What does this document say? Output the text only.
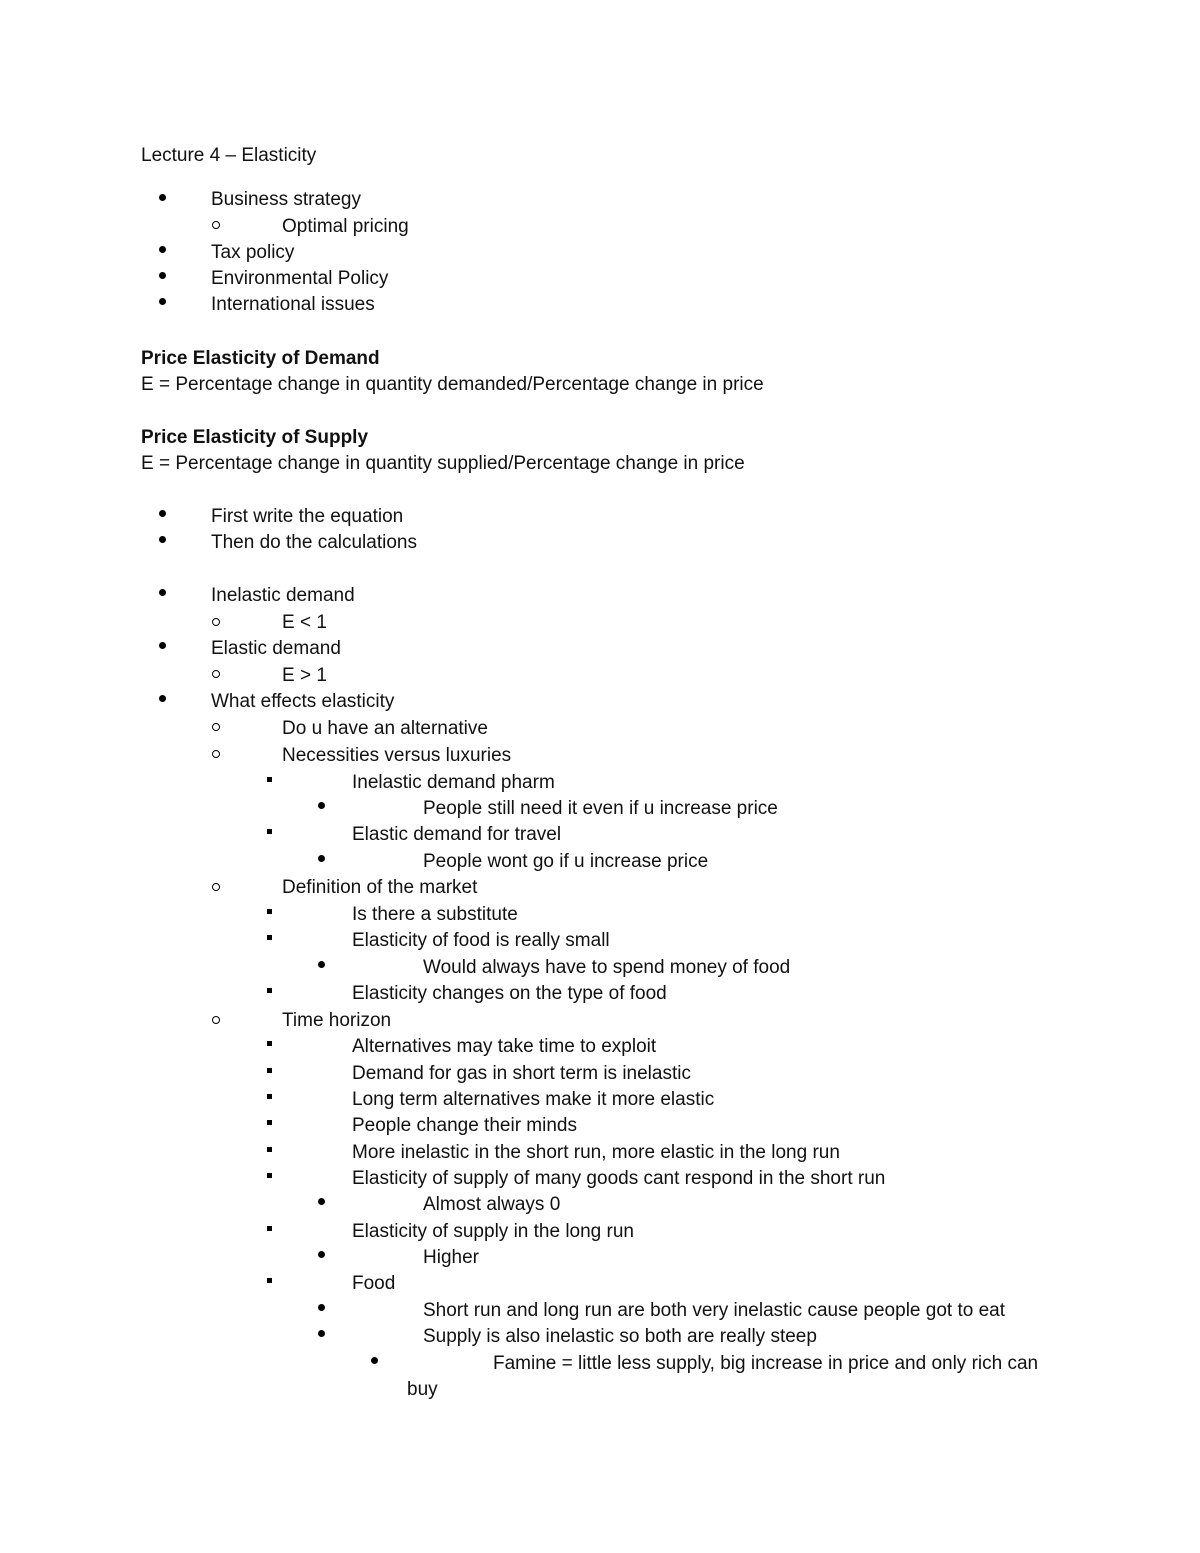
Lecture 4 – Elasticity
Business strategy
Optimal pricing
Tax policy
Environmental Policy
International issues
Price Elasticity of Demand
E = Percentage change in quantity demanded/Percentage change in price
Price Elasticity of Supply
E = Percentage change in quantity supplied/Percentage change in price
First write the equation
Then do the calculations
Inelastic demand
E < 1
Elastic demand
E > 1
What effects elasticity
Do u have an alternative
Necessities versus luxuries
Inelastic demand pharm
People still need it even if u increase price
Elastic demand for travel
People wont go if u increase price
Definition of the market
Is there a substitute
Elasticity of food is really small
Would always have to spend money of food
Elasticity changes on the type of food
Time horizon
Alternatives may take time to exploit
Demand for gas in short term is inelastic
Long term alternatives make it more elastic
People change their minds
More inelastic in the short run, more elastic in the long run
Elasticity of supply of many goods cant respond in the short run
Almost always 0
Elasticity of supply in the long run
Higher
Food
Short run and long run are both very inelastic cause people got to eat
Supply is also inelastic so both are really steep
Famine = little less supply, big increase in price and only rich can
buy
